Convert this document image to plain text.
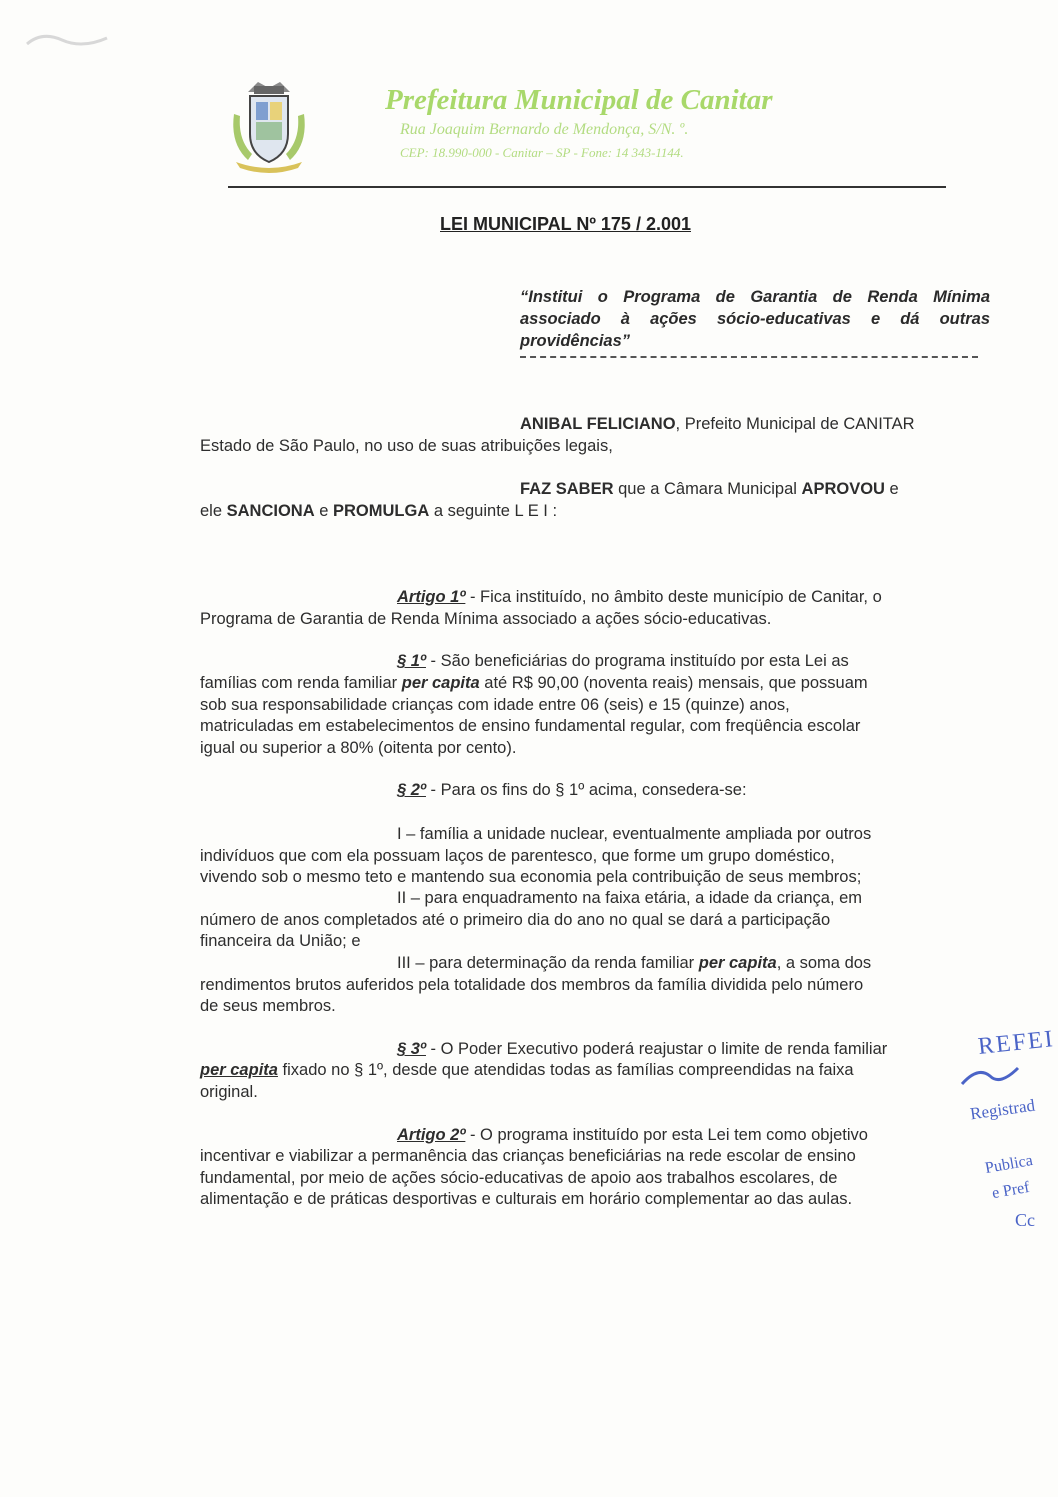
Prefeitura Municipal de Canitar
Rua Joaquim Bernardo de Mendonça, S/N. º.
CEP: 18.990-000 - Canitar – SP - Fone: 14 343-1144.
LEI MUNICIPAL Nº 175 / 2.001
“Institui o Programa de Garantia de Renda Mínima associado à ações sócio-educativas e dá outras providências”
ANIBAL FELICIANO, Prefeito Municipal de CANITAR
Estado de São Paulo, no uso de suas atribuições legais,
FAZ SABER que a Câmara Municipal APROVOU e
ele SANCIONA e PROMULGA a seguinte L E I :
Artigo 1º - Fica instituído, no âmbito deste município de Canitar, o
Programa de Garantia de Renda Mínima associado a ações sócio-educativas.
§ 1º - São beneficiárias do programa instituído por esta Lei as
famílias com renda familiar per capita até R$ 90,00 (noventa reais) mensais, que possuam
sob sua responsabilidade crianças com idade entre 06 (seis) e 15 (quinze) anos,
matriculadas em estabelecimentos de ensino fundamental regular, com freqüência escolar
igual ou superior a 80% (oitenta por cento).
§ 2º - Para os fins do § 1º acima, consedera-se:
I – família a unidade nuclear, eventualmente ampliada por outros
indivíduos que com ela possuam laços de parentesco, que forme um grupo doméstico,
vivendo sob o mesmo teto e mantendo sua economia pela contribuição de seus membros;
II – para enquadramento na faixa etária, a idade da criança, em
número de anos completados até o primeiro dia do ano no qual se dará a participação
financeira da União; e
III – para determinação da renda familiar per capita, a soma dos
rendimentos brutos auferidos pela totalidade dos membros da família dividida pelo número
de seus membros.
§ 3º - O Poder Executivo poderá reajustar o limite de renda familiar
per capita fixado no § 1º, desde que atendidas todas as famílias compreendidas na faixa
original.
Artigo 2º - O programa instituído por esta Lei tem como objetivo
incentivar e viabilizar a permanência das crianças beneficiárias na rede escolar de ensino
fundamental, por meio de ações sócio-educativas de apoio aos trabalhos escolares, de
alimentação e de práticas desportivas e culturais em horário complementar ao das aulas.
REFEI
Registrad
Publica
e Pref
Cc
